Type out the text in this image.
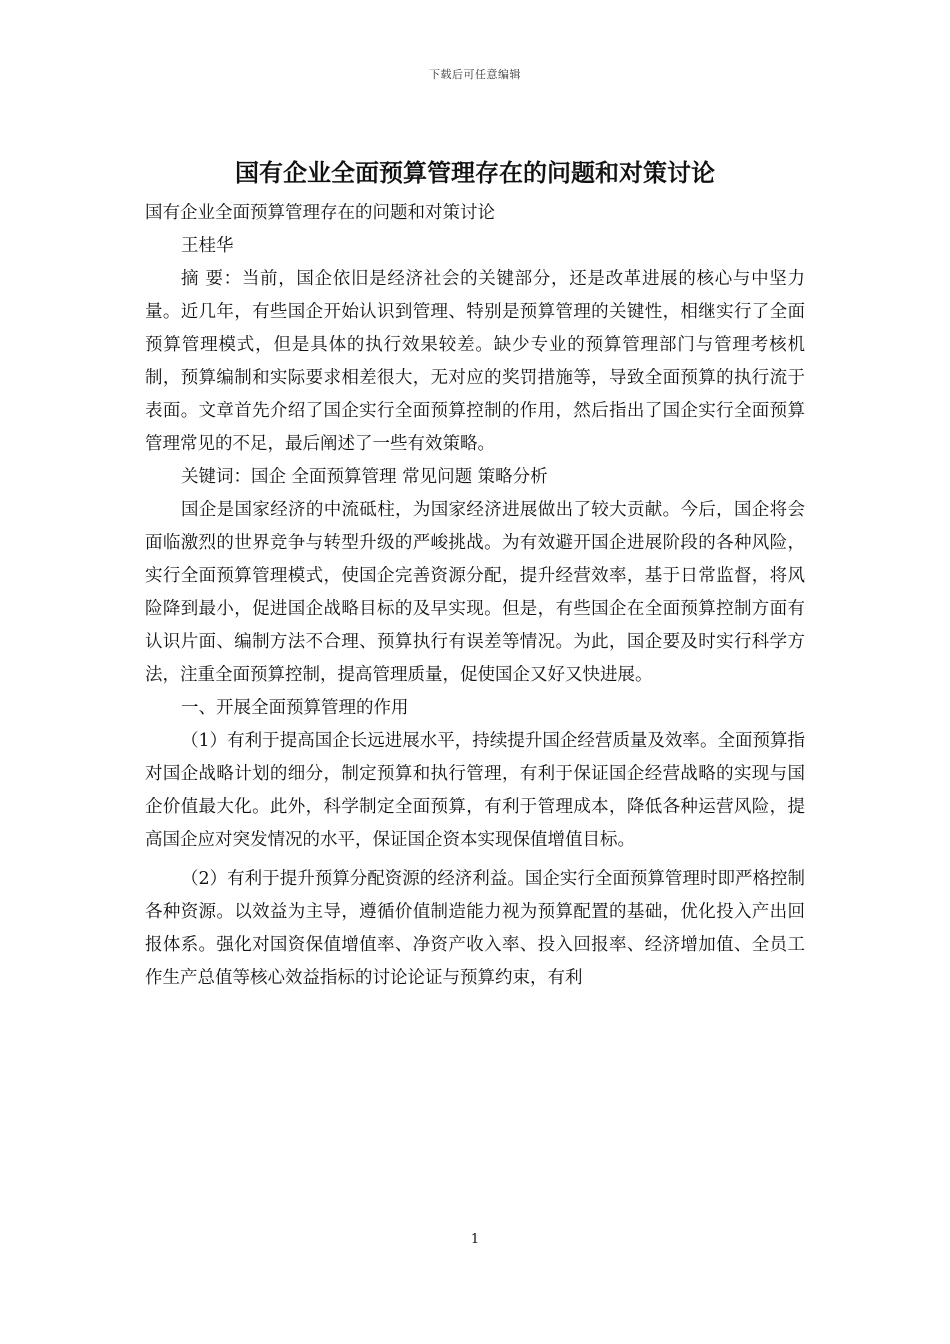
下载后可任意编辑
国有企业全面预算管理存在的问题和对策讨论

国有企业全面预算管理存在的问题和对策讨论

王桂华

摘 要：当前，国企依旧是经济社会的关键部分，还是改革进展的核心与中坚力量。近几年，有些国企开始认识到管理、特别是预算管理的关键性，相继实行了全面预算管理模式，但是具体的执行效果较差。缺少专业的预算管理部门与管理考核机制，预算编制和实际要求相差很大，无对应的奖罚措施等，导致全面预算的执行流于表面。文章首先介绍了国企实行全面预算控制的作用，然后指出了国企实行全面预算管理常见的不足，最后阐述了一些有效策略。

关键词：国企 全面预算管理 常见问题 策略分析

国企是国家经济的中流砥柱，为国家经济进展做出了较大贡献。今后，国企将会面临激烈的世界竞争与转型升级的严峻挑战。为有效避开国企进展阶段的各种风险，实行全面预算管理模式，使国企完善资源分配，提升经营效率，基于日常监督，将风险降到最小，促进国企战略目标的及早实现。但是，有些国企在全面预算控制方面有认识片面、编制方法不合理、预算执行有误差等情况。为此，国企要及时实行科学方法，注重全面预算控制，提高管理质量，促使国企又好又快进展。

一、开展全面预算管理的作用

（1）有利于提高国企长远进展水平，持续提升国企经营质量及效率。全面预算指对国企战略计划的细分，制定预算和执行管理，有利于保证国企经营战略的实现与国企价值最大化。此外，科学制定全面预算，有利于管理成本，降低各种运营风险，提高国企应对突发情况的水平，保证国企资本实现保值增值目标。

（2）有利于提升预算分配资源的经济利益。国企实行全面预算管理时即严格控制各种资源。以效益为主导，遵循价值制造能力视为预算配置的基础，优化投入产出回报体系。强化对国资保值增值率、净资产收入率、投入回报率、经济增加值、全员工作生产总值等核心效益指标的讨论论证与预算约束，有利

1
